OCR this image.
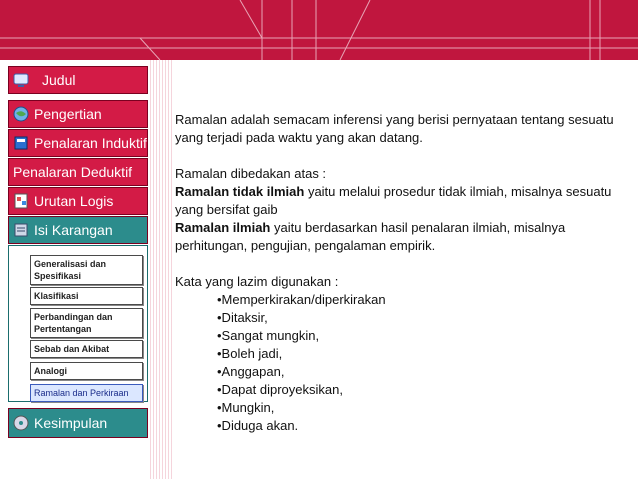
Judul
Pengertian
Penalaran Induktif
Penalaran Deduktif
Urutan Logis
Isi Karangan
Generalisasi dan Spesifikasi
Klasifikasi
Perbandingan dan Pertentangan
Sebab dan Akibat
Analogi
Ramalan dan Perkiraan
Kesimpulan

Ramalan adalah semacam inferensi yang berisi pernyataan tentang sesuatu yang terjadi pada waktu yang akan datang.

Ramalan dibedakan atas :

Ramalan tidak ilmiah yaitu melalui prosedur tidak ilmiah, misalnya sesuatu yang bersifat gaib

Ramalan ilmiah yaitu berdasarkan hasil penalaran ilmiah, misalnya perhitungan, pengujian, pengalaman empirik.

Kata yang lazim digunakan :

•Memperkirakan/diperkirakan

•Ditaksir,

•Sangat mungkin,

•Boleh jadi,

•Anggapan,

•Dapat diproyeksikan,

•Mungkin,

•Diduga akan.
